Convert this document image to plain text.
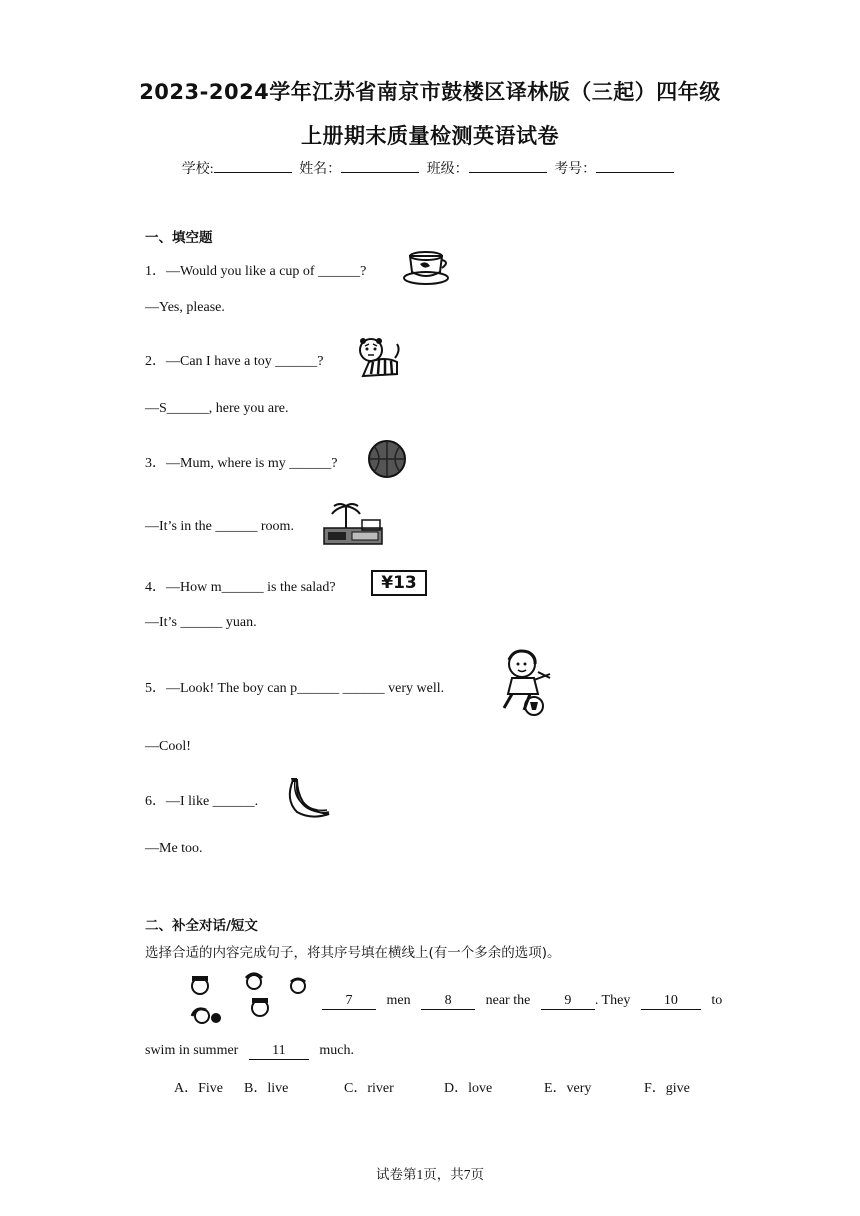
2023-2024学年江苏省南京市鼓楼区译林版（三起）四年级
上册期末质量检测英语试卷
学校:	姓名：	班级：	考号：
一、填空题
1．—Would you like a cup of ______?
—Yes, please.
2．—Can I have a toy ______?
—S______, here you are.
3．—Mum, where is my ______?
—It’s in the ______ room.
4．—How m______ is the salad?	¥13
—It’s ______ yuan.
5．—Look! The boy can p______ ______ very well.
—Cool!
6．—I like ______.
—Me too.
二、补全对话/短文
选择合适的内容完成句子，将其序号填在横线上(有一个多余的选项)。
7 men 8 near the 9 . They 10 to
swim in summer 11 much.
A．Five B．live	C．river	D．love	E．very	F．give
试卷第1页，共7页
